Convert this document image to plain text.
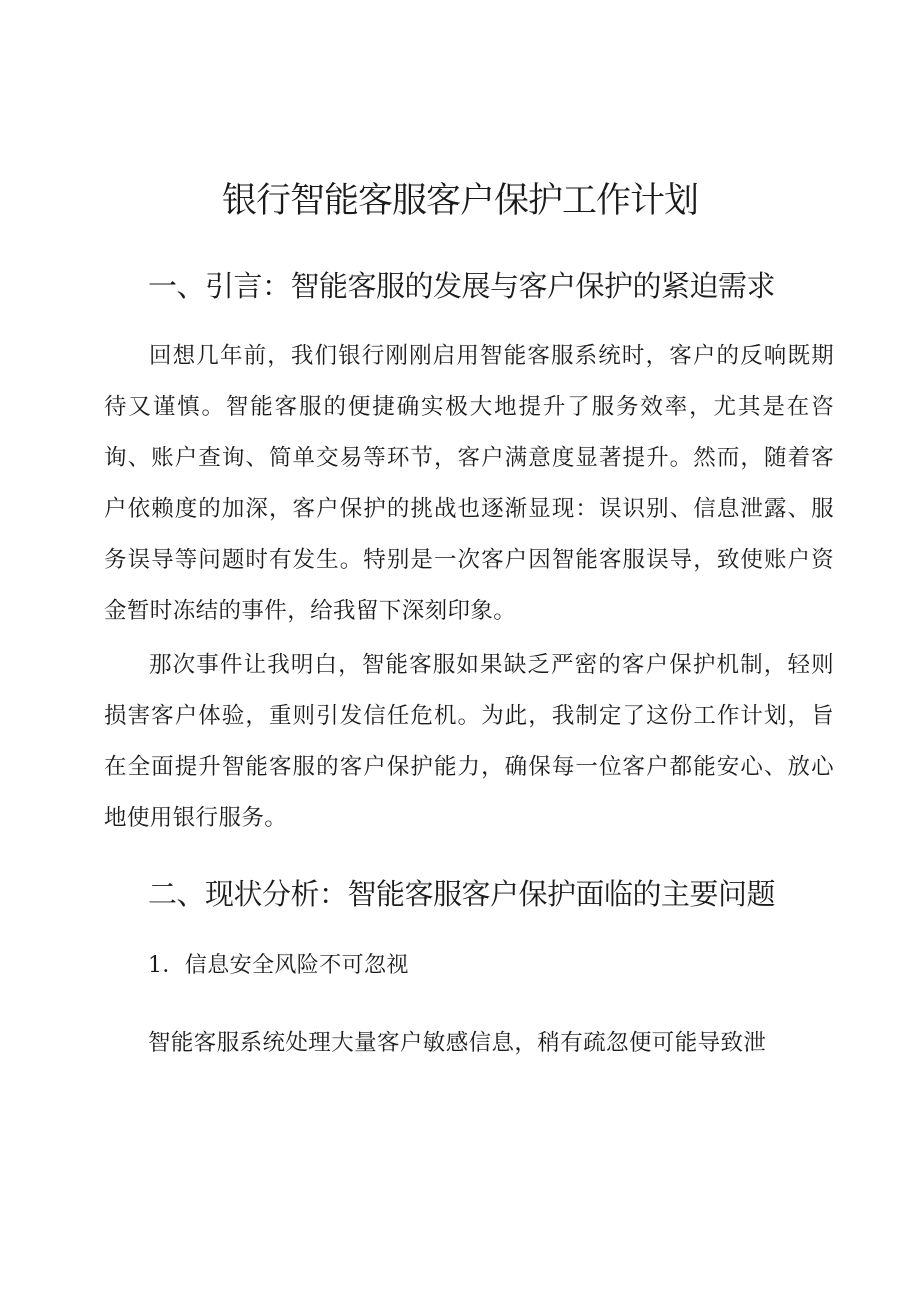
银行智能客服客户保护工作计划
一、引言：智能客服的发展与客户保护的紧迫需求

回想几年前，我们银行刚刚启用智能客服系统时，客户的反响既期待又谨慎。智能客服的便捷确实极大地提升了服务效率，尤其是在咨询、账户查询、简单交易等环节，客户满意度显著提升。然而，随着客户依赖度的加深，客户保护的挑战也逐渐显现：误识别、信息泄露、服务误导等问题时有发生。特别是一次客户因智能客服误导，致使账户资金暂时冻结的事件，给我留下深刻印象。

那次事件让我明白，智能客服如果缺乏严密的客户保护机制，轻则损害客户体验，重则引发信任危机。为此，我制定了这份工作计划，旨在全面提升智能客服的客户保护能力，确保每一位客户都能安心、放心地使用银行服务。

二、现状分析：智能客服客户保护面临的主要问题

1．信息安全风险不可忽视

智能客服系统处理大量客户敏感信息，稍有疏忽便可能导致泄
